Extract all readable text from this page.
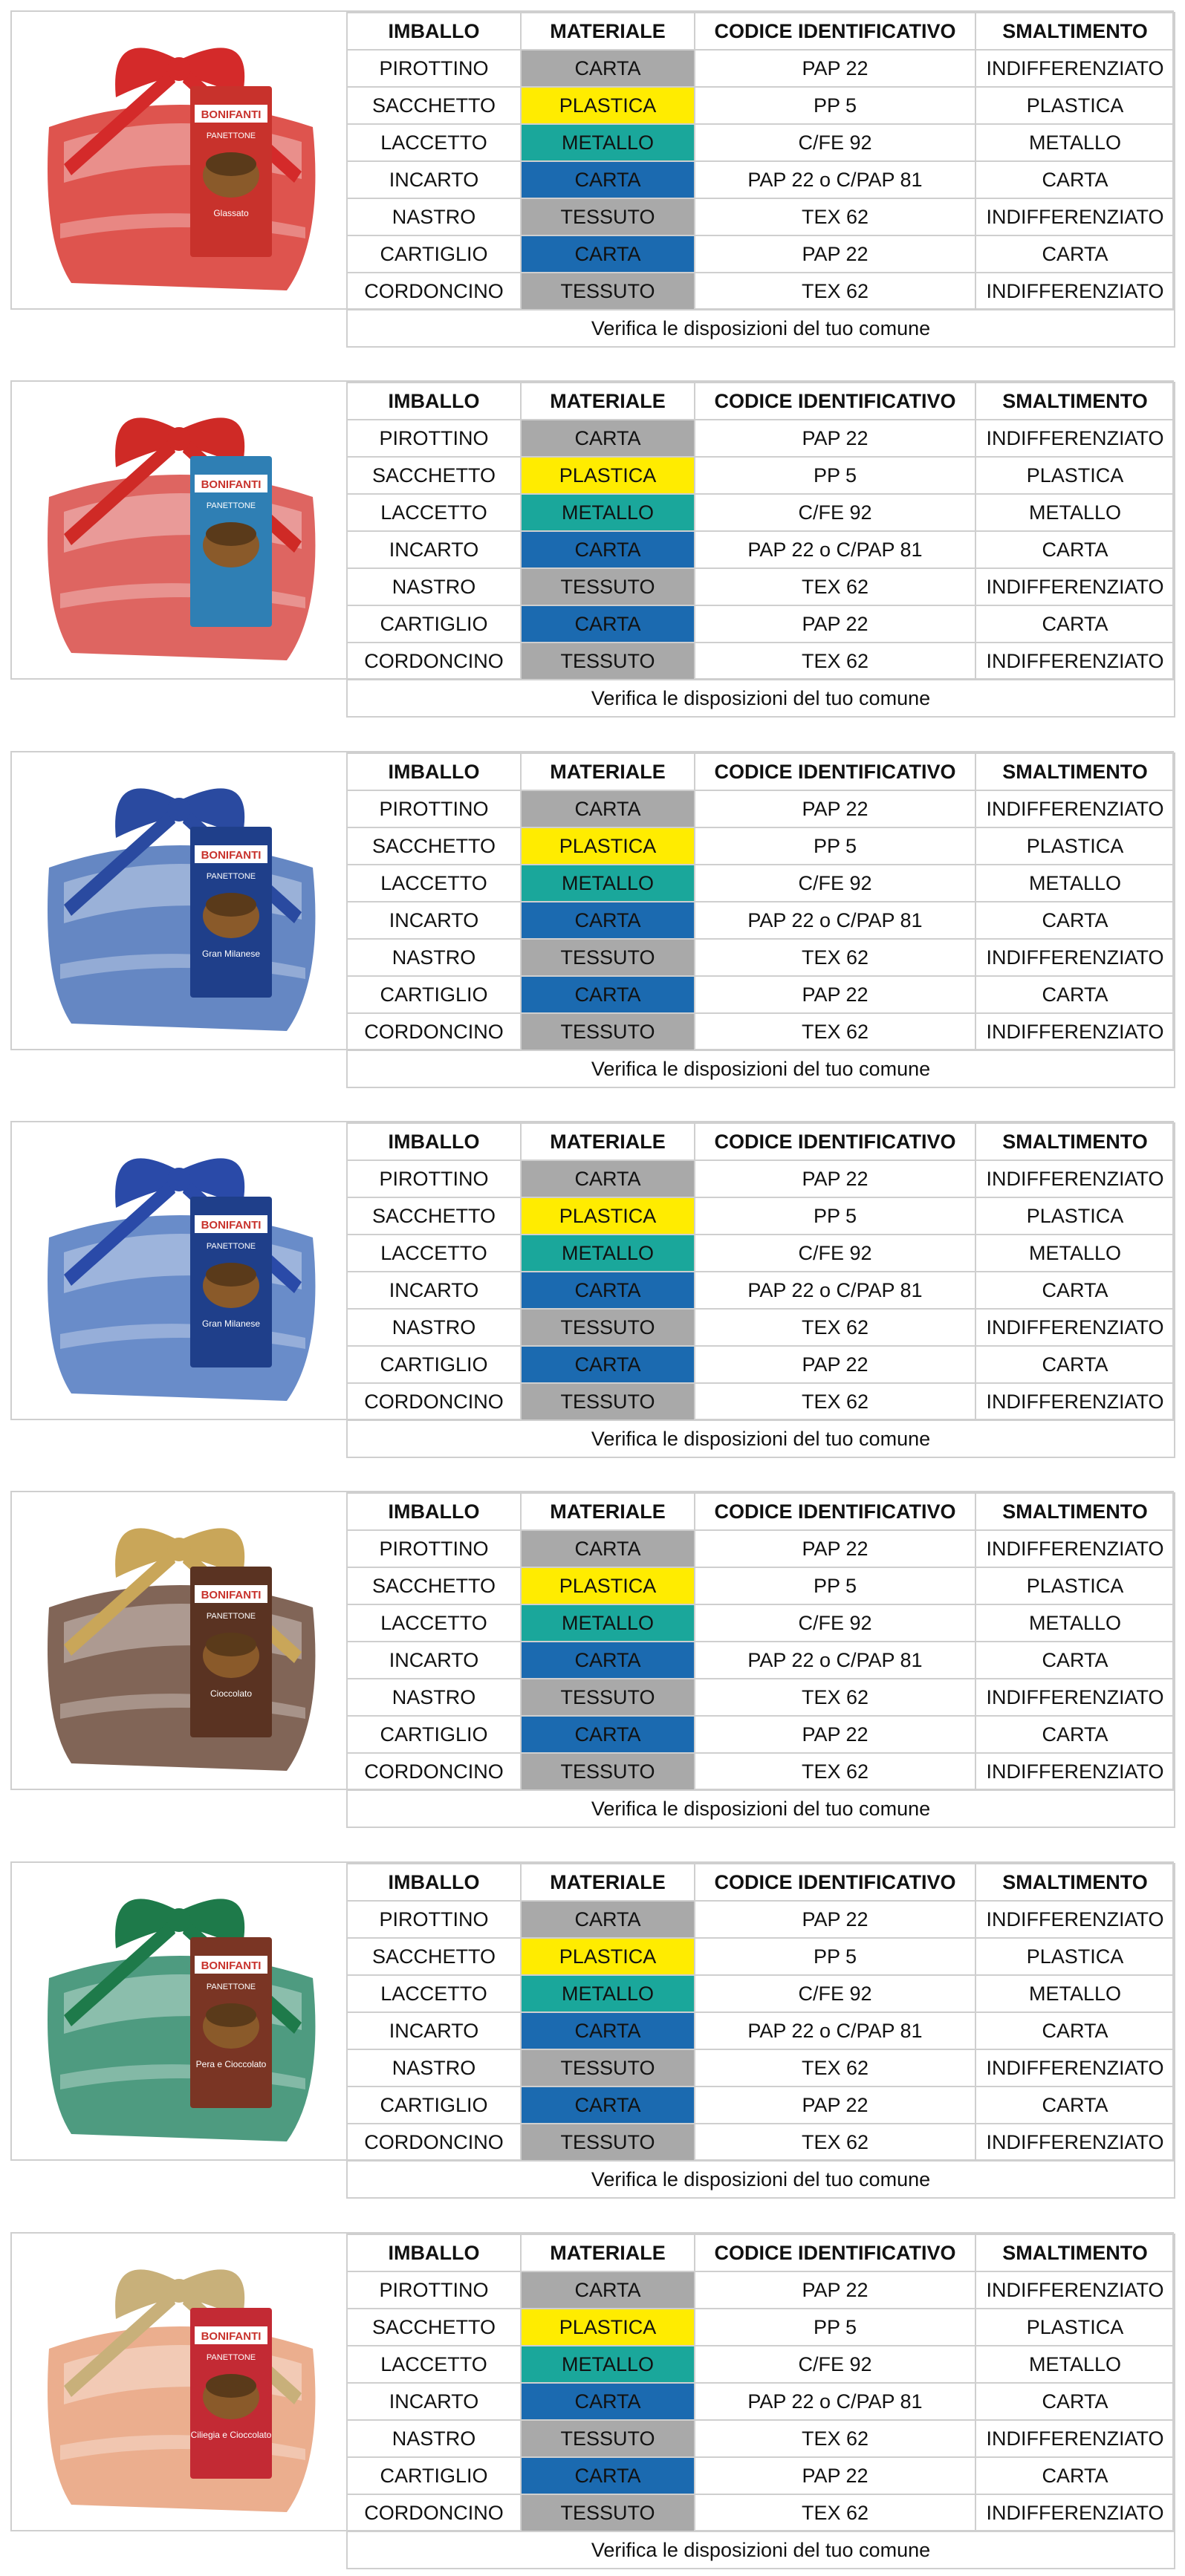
BONIFANTI
PANETTONE
Glassato
IMBALLO	MATERIALE	CODICE IDENTIFICATIVO	SMALTIMENTO
PIROTTINO	CARTA	PAP 22	INDIFFERENZIATO
SACCHETTO	PLASTICA	PP 5	PLASTICA
LACCETTO	METALLO	C/FE 92	METALLO
INCARTO	CARTA	PAP 22 o C/PAP 81	CARTA
NASTRO	TESSUTO	TEX 62	INDIFFERENZIATO
CARTIGLIO	CARTA	PAP 22	CARTA
CORDONCINO	TESSUTO	TEX 62	INDIFFERENZIATO
Verifica le disposizioni del tuo comune			
BONIFANTI
PANETTONE
IMBALLO	MATERIALE	CODICE IDENTIFICATIVO	SMALTIMENTO
PIROTTINO	CARTA	PAP 22	INDIFFERENZIATO
SACCHETTO	PLASTICA	PP 5	PLASTICA
LACCETTO	METALLO	C/FE 92	METALLO
INCARTO	CARTA	PAP 22 o C/PAP 81	CARTA
NASTRO	TESSUTO	TEX 62	INDIFFERENZIATO
CARTIGLIO	CARTA	PAP 22	CARTA
CORDONCINO	TESSUTO	TEX 62	INDIFFERENZIATO
Verifica le disposizioni del tuo comune			
BONIFANTI
PANETTONE
Gran Milanese
IMBALLO	MATERIALE	CODICE IDENTIFICATIVO	SMALTIMENTO
PIROTTINO	CARTA	PAP 22	INDIFFERENZIATO
SACCHETTO	PLASTICA	PP 5	PLASTICA
LACCETTO	METALLO	C/FE 92	METALLO
INCARTO	CARTA	PAP 22 o C/PAP 81	CARTA
NASTRO	TESSUTO	TEX 62	INDIFFERENZIATO
CARTIGLIO	CARTA	PAP 22	CARTA
CORDONCINO	TESSUTO	TEX 62	INDIFFERENZIATO
Verifica le disposizioni del tuo comune			
BONIFANTI
PANETTONE
Gran Milanese
IMBALLO	MATERIALE	CODICE IDENTIFICATIVO	SMALTIMENTO
PIROTTINO	CARTA	PAP 22	INDIFFERENZIATO
SACCHETTO	PLASTICA	PP 5	PLASTICA
LACCETTO	METALLO	C/FE 92	METALLO
INCARTO	CARTA	PAP 22 o C/PAP 81	CARTA
NASTRO	TESSUTO	TEX 62	INDIFFERENZIATO
CARTIGLIO	CARTA	PAP 22	CARTA
CORDONCINO	TESSUTO	TEX 62	INDIFFERENZIATO
Verifica le disposizioni del tuo comune			
BONIFANTI
PANETTONE
Cioccolato
IMBALLO	MATERIALE	CODICE IDENTIFICATIVO	SMALTIMENTO
PIROTTINO	CARTA	PAP 22	INDIFFERENZIATO
SACCHETTO	PLASTICA	PP 5	PLASTICA
LACCETTO	METALLO	C/FE 92	METALLO
INCARTO	CARTA	PAP 22 o C/PAP 81	CARTA
NASTRO	TESSUTO	TEX 62	INDIFFERENZIATO
CARTIGLIO	CARTA	PAP 22	CARTA
CORDONCINO	TESSUTO	TEX 62	INDIFFERENZIATO
Verifica le disposizioni del tuo comune			
BONIFANTI
PANETTONE
Pera e Cioccolato
IMBALLO	MATERIALE	CODICE IDENTIFICATIVO	SMALTIMENTO
PIROTTINO	CARTA	PAP 22	INDIFFERENZIATO
SACCHETTO	PLASTICA	PP 5	PLASTICA
LACCETTO	METALLO	C/FE 92	METALLO
INCARTO	CARTA	PAP 22 o C/PAP 81	CARTA
NASTRO	TESSUTO	TEX 62	INDIFFERENZIATO
CARTIGLIO	CARTA	PAP 22	CARTA
CORDONCINO	TESSUTO	TEX 62	INDIFFERENZIATO
Verifica le disposizioni del tuo comune			
BONIFANTI
PANETTONE
Ciliegia e Cioccolato
IMBALLO	MATERIALE	CODICE IDENTIFICATIVO	SMALTIMENTO
PIROTTINO	CARTA	PAP 22	INDIFFERENZIATO
SACCHETTO	PLASTICA	PP 5	PLASTICA
LACCETTO	METALLO	C/FE 92	METALLO
INCARTO	CARTA	PAP 22 o C/PAP 81	CARTA
NASTRO	TESSUTO	TEX 62	INDIFFERENZIATO
CARTIGLIO	CARTA	PAP 22	CARTA
CORDONCINO	TESSUTO	TEX 62	INDIFFERENZIATO
Verifica le disposizioni del tuo comune			
